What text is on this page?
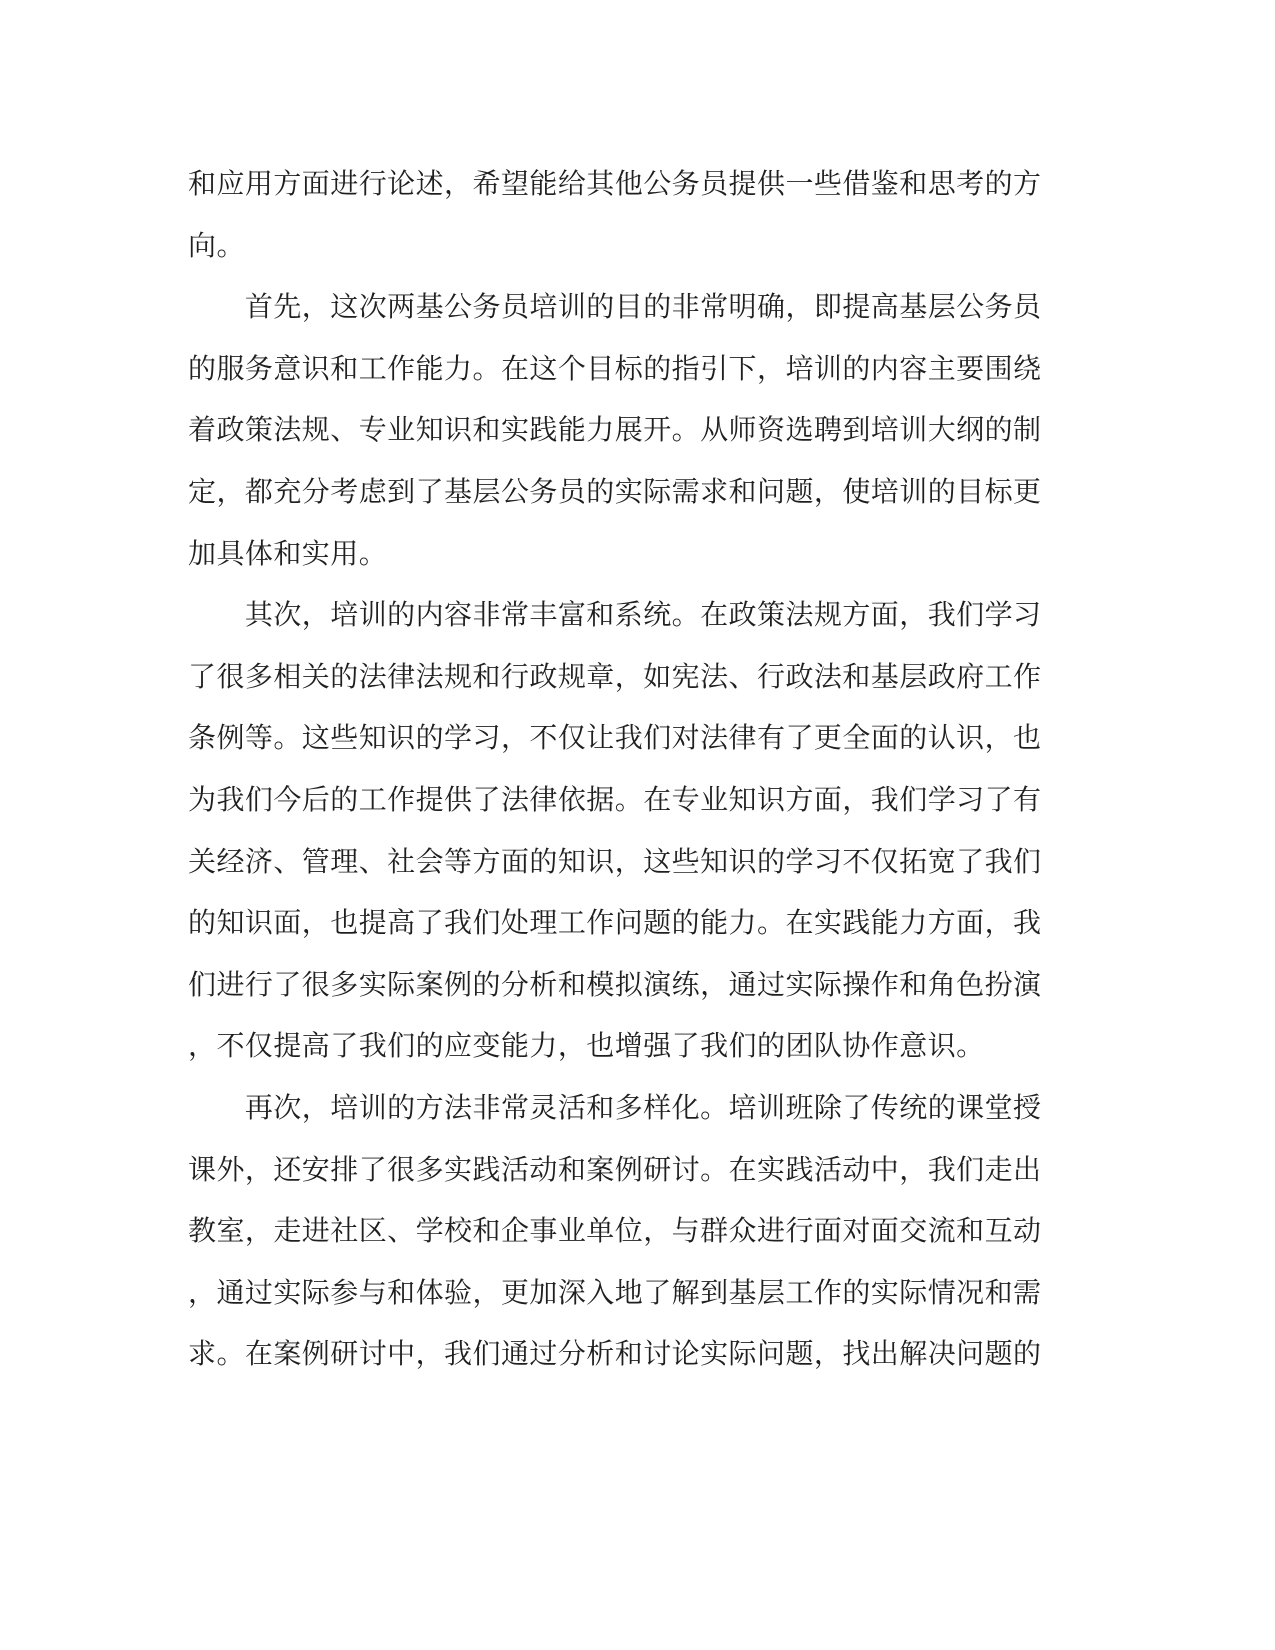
和应用方面进行论述，希望能给其他公务员提供一些借鉴和思考的方
向。
　　首先，这次两基公务员培训的目的非常明确，即提高基层公务员
的服务意识和工作能力。在这个目标的指引下，培训的内容主要围绕
着政策法规、专业知识和实践能力展开。从师资选聘到培训大纲的制
定，都充分考虑到了基层公务员的实际需求和问题，使培训的目标更
加具体和实用。
　　其次，培训的内容非常丰富和系统。在政策法规方面，我们学习
了很多相关的法律法规和行政规章，如宪法、行政法和基层政府工作
条例等。这些知识的学习，不仅让我们对法律有了更全面的认识，也
为我们今后的工作提供了法律依据。在专业知识方面，我们学习了有
关经济、管理、社会等方面的知识，这些知识的学习不仅拓宽了我们
的知识面，也提高了我们处理工作问题的能力。在实践能力方面，我
们进行了很多实际案例的分析和模拟演练，通过实际操作和角色扮演
，不仅提高了我们的应变能力，也增强了我们的团队协作意识。
　　再次，培训的方法非常灵活和多样化。培训班除了传统的课堂授
课外，还安排了很多实践活动和案例研讨。在实践活动中，我们走出
教室，走进社区、学校和企事业单位，与群众进行面对面交流和互动
，通过实际参与和体验，更加深入地了解到基层工作的实际情况和需
求。在案例研讨中，我们通过分析和讨论实际问题，找出解决问题的
